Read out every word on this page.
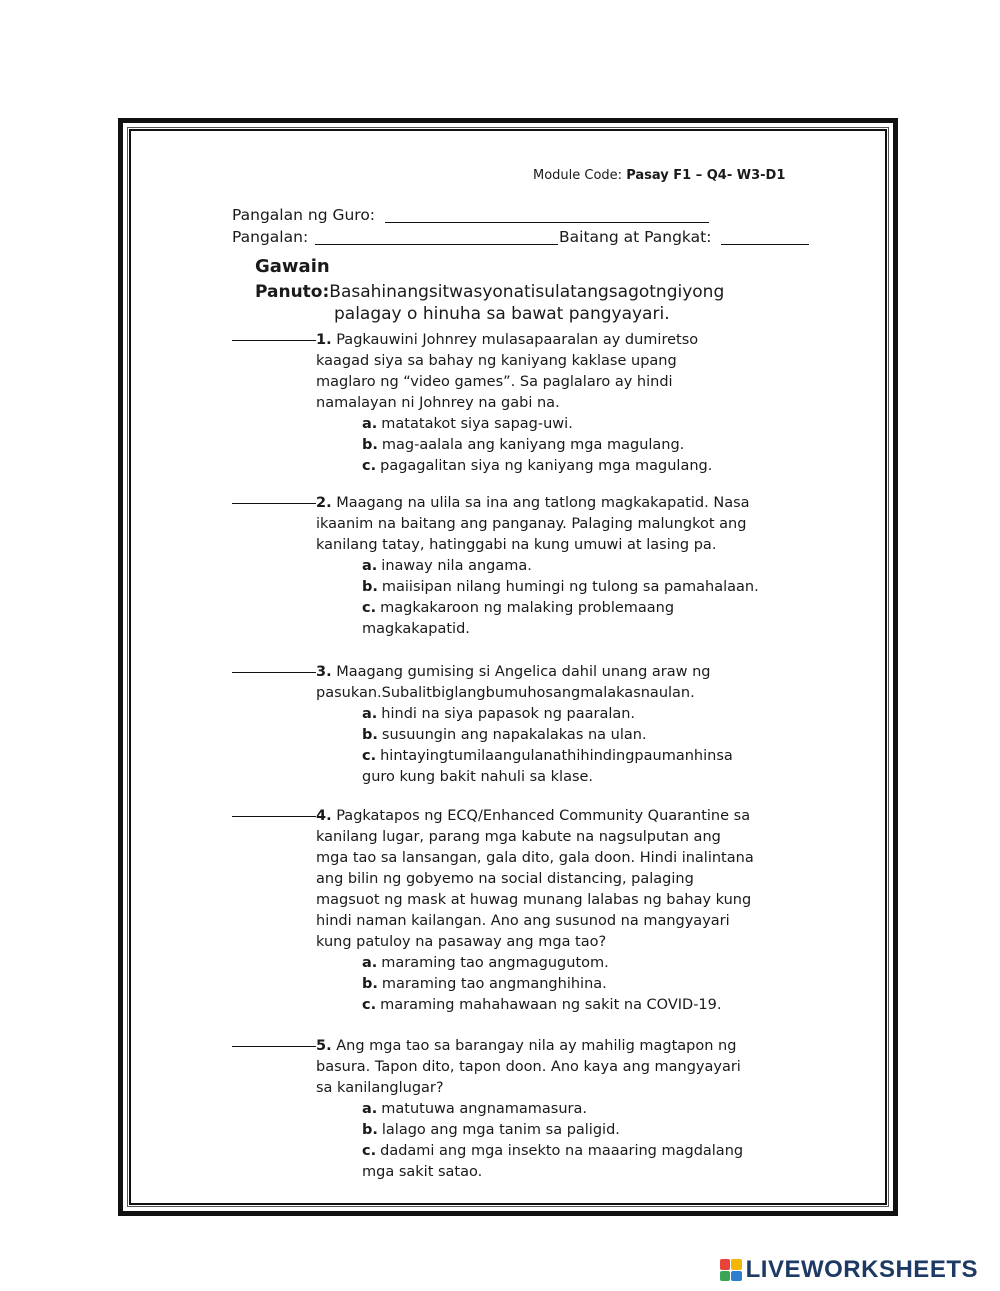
Module Code: Pasay F1 – Q4- W3-D1
Pangalan ng Guro:
Pangalan:	Baitang at Pangkat:
Gawain
Panuto:Basahinangsitwasyonatisulatangsagotngiyong
palagay o hinuha sa bawat pangyayari.

1. Pagkauwini Johnrey mulasapaaralan ay dumiretso

kaagad siya sa bahay ng kaniyang kaklase upang

maglaro ng “video games”. Sa paglalaro ay hindi

namalayan ni Johnrey na gabi na.

a. matatakot siya sapag-uwi.

b. mag-aalala ang kaniyang mga magulang.

c. pagagalitan siya ng kaniyang mga magulang.

2. Maagang na ulila sa ina ang tatlong magkakapatid. Nasa

ikaanim na baitang ang panganay. Palaging malungkot ang

kanilang tatay, hatinggabi na kung umuwi at lasing pa.

a. inaway nila angama.

b. maiisipan nilang humingi ng tulong sa pamahalaan.

c. magkakaroon ng malaking problemaang

magkakapatid.

3. Maagang gumising si Angelica dahil unang araw ng

pasukan.Subalitbiglangbumuhosangmalakasnaulan.

a. hindi na siya papasok ng paaralan.

b. susuungin ang napakalakas na ulan.

c. hintayingtumilaangulanathihindingpaumanhinsa

guro kung bakit nahuli sa klase.

4. Pagkatapos ng ECQ/Enhanced Community Quarantine sa

kanilang lugar, parang mga kabute na nagsulputan ang

mga tao sa lansangan, gala dito, gala doon. Hindi inalintana

ang bilin ng gobyemo na social distancing, palaging

magsuot ng mask at huwag munang lalabas ng bahay kung

hindi naman kailangan. Ano ang susunod na mangyayari

kung patuloy na pasaway ang mga tao?

a. maraming tao angmagugutom.

b. maraming tao angmanghihina.

c. maraming mahahawaan ng sakit na COVID-19.

5. Ang mga tao sa barangay nila ay mahilig magtapon ng

basura. Tapon dito, tapon doon. Ano kaya ang mangyayari

sa kanilanglugar?

a. matutuwa angnamamasura.

b. lalago ang mga tanim sa paligid.

c. dadami ang mga insekto na maaaring magdalang

mga sakit satao.

LIVEWORKSHEETS
